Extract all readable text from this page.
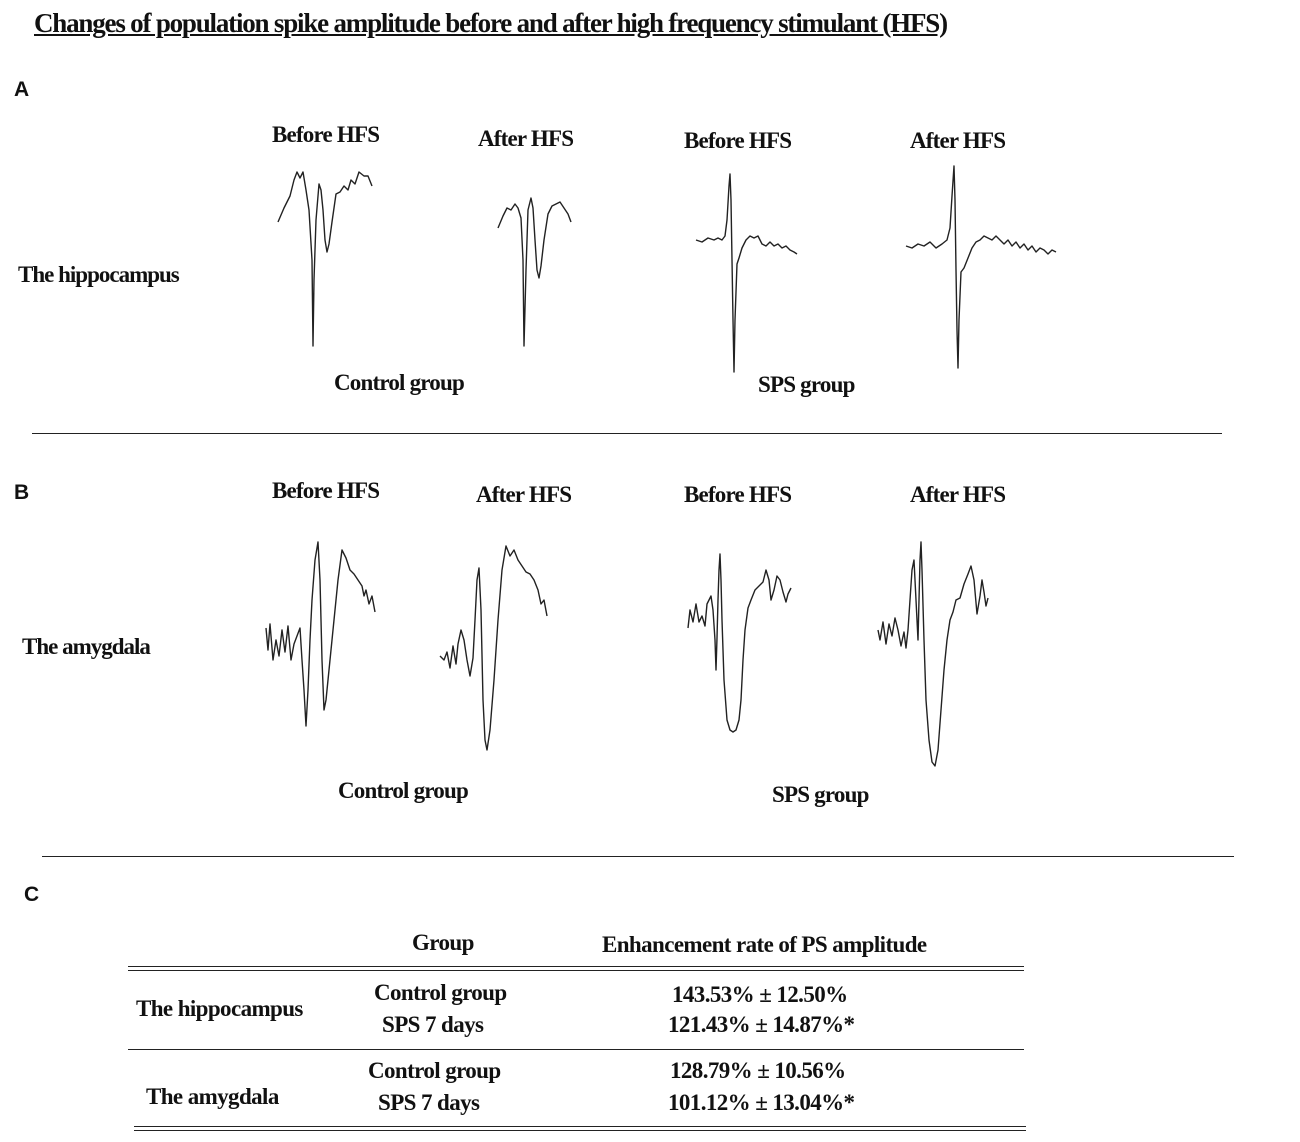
Changes of population spike amplitude before and after high frequency stimulant (HFS)
A
Before HFS	After HFS	Before HFS	After HFS
The hippocampus
Control group	SPS group
B	Before HFS	After HFS	Before HFS	After HFS
The amygdala
Control group	SPS group
C
Group	Enhancement rate of PS amplitude
The hippocampus
Control group	143.53% ± 12.50%
SPS 7 days	121.43% ± 14.87%*
The amygdala
Control group	128.79% ± 10.56%
SPS 7 days	101.12% ± 13.04%*
